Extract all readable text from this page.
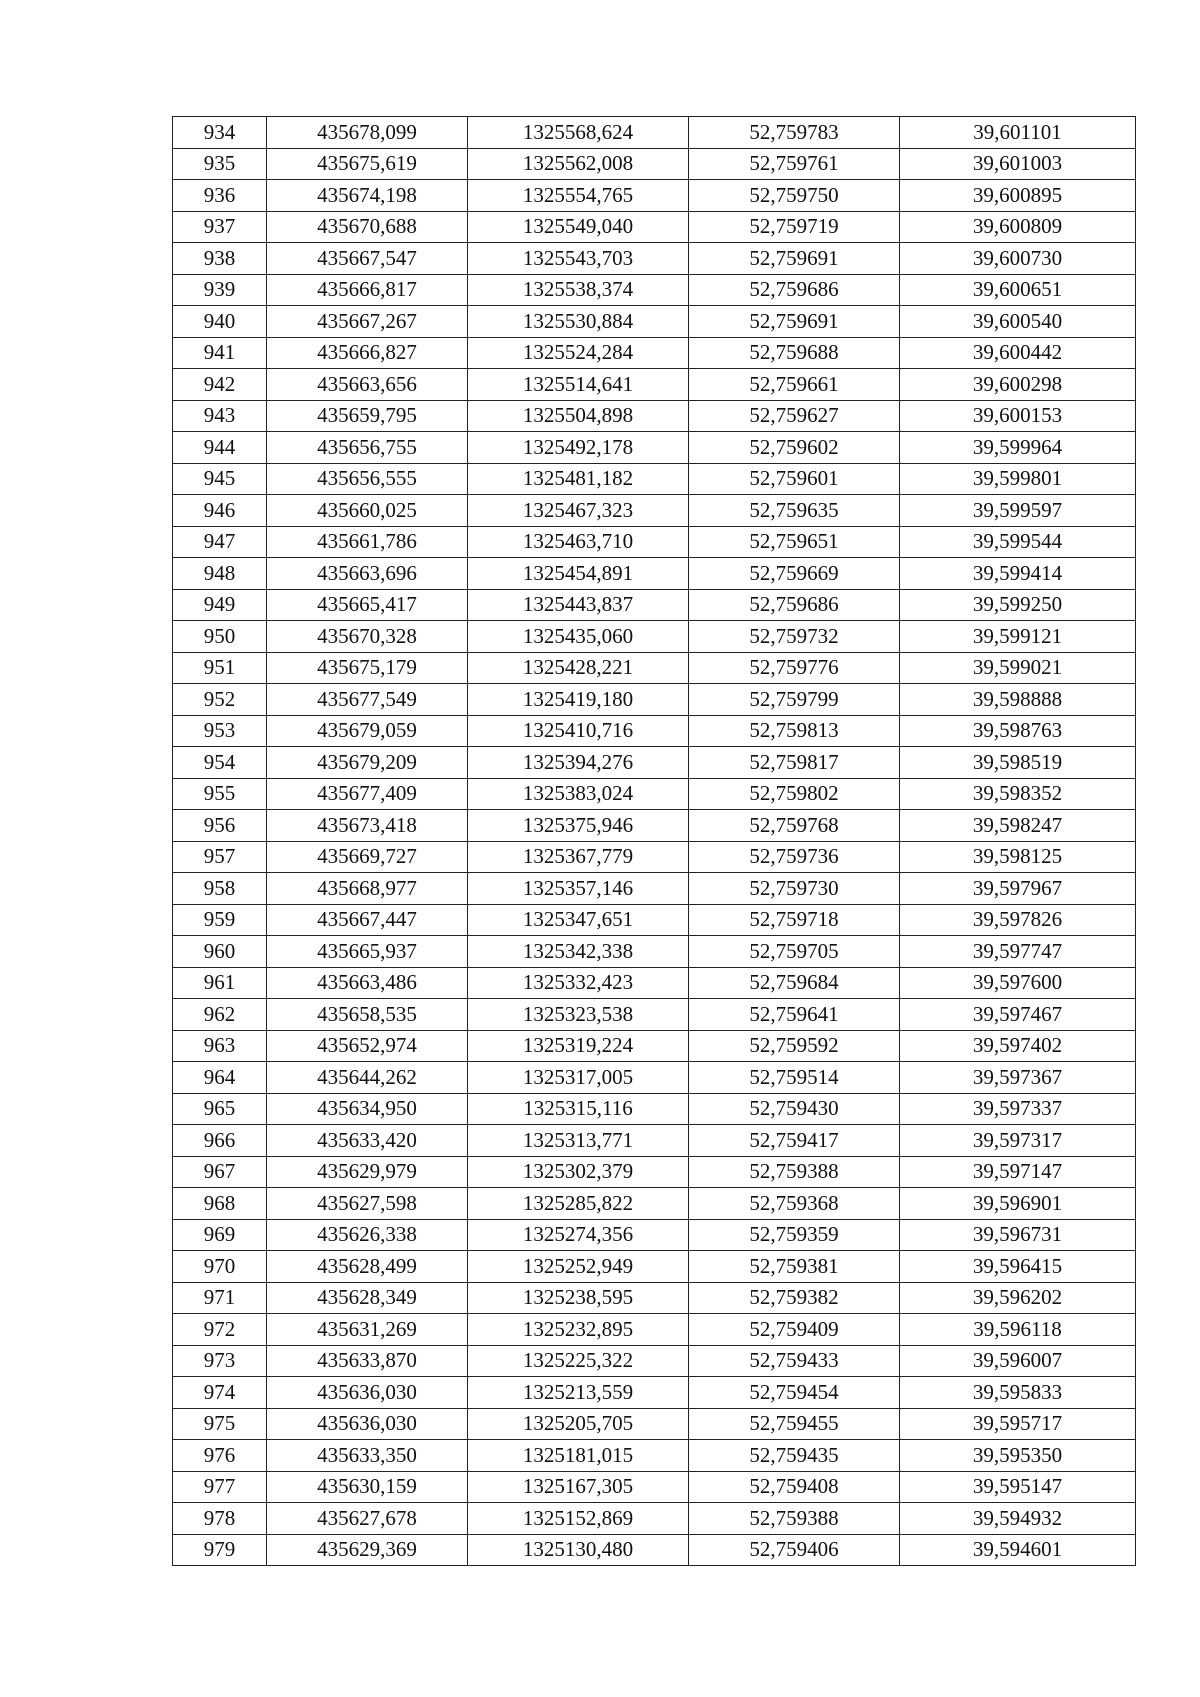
934	435678,099	1325568,624	52,759783	39,601101
935	435675,619	1325562,008	52,759761	39,601003
936	435674,198	1325554,765	52,759750	39,600895
937	435670,688	1325549,040	52,759719	39,600809
938	435667,547	1325543,703	52,759691	39,600730
939	435666,817	1325538,374	52,759686	39,600651
940	435667,267	1325530,884	52,759691	39,600540
941	435666,827	1325524,284	52,759688	39,600442
942	435663,656	1325514,641	52,759661	39,600298
943	435659,795	1325504,898	52,759627	39,600153
944	435656,755	1325492,178	52,759602	39,599964
945	435656,555	1325481,182	52,759601	39,599801
946	435660,025	1325467,323	52,759635	39,599597
947	435661,786	1325463,710	52,759651	39,599544
948	435663,696	1325454,891	52,759669	39,599414
949	435665,417	1325443,837	52,759686	39,599250
950	435670,328	1325435,060	52,759732	39,599121
951	435675,179	1325428,221	52,759776	39,599021
952	435677,549	1325419,180	52,759799	39,598888
953	435679,059	1325410,716	52,759813	39,598763
954	435679,209	1325394,276	52,759817	39,598519
955	435677,409	1325383,024	52,759802	39,598352
956	435673,418	1325375,946	52,759768	39,598247
957	435669,727	1325367,779	52,759736	39,598125
958	435668,977	1325357,146	52,759730	39,597967
959	435667,447	1325347,651	52,759718	39,597826
960	435665,937	1325342,338	52,759705	39,597747
961	435663,486	1325332,423	52,759684	39,597600
962	435658,535	1325323,538	52,759641	39,597467
963	435652,974	1325319,224	52,759592	39,597402
964	435644,262	1325317,005	52,759514	39,597367
965	435634,950	1325315,116	52,759430	39,597337
966	435633,420	1325313,771	52,759417	39,597317
967	435629,979	1325302,379	52,759388	39,597147
968	435627,598	1325285,822	52,759368	39,596901
969	435626,338	1325274,356	52,759359	39,596731
970	435628,499	1325252,949	52,759381	39,596415
971	435628,349	1325238,595	52,759382	39,596202
972	435631,269	1325232,895	52,759409	39,596118
973	435633,870	1325225,322	52,759433	39,596007
974	435636,030	1325213,559	52,759454	39,595833
975	435636,030	1325205,705	52,759455	39,595717
976	435633,350	1325181,015	52,759435	39,595350
977	435630,159	1325167,305	52,759408	39,595147
978	435627,678	1325152,869	52,759388	39,594932
979	435629,369	1325130,480	52,759406	39,594601
